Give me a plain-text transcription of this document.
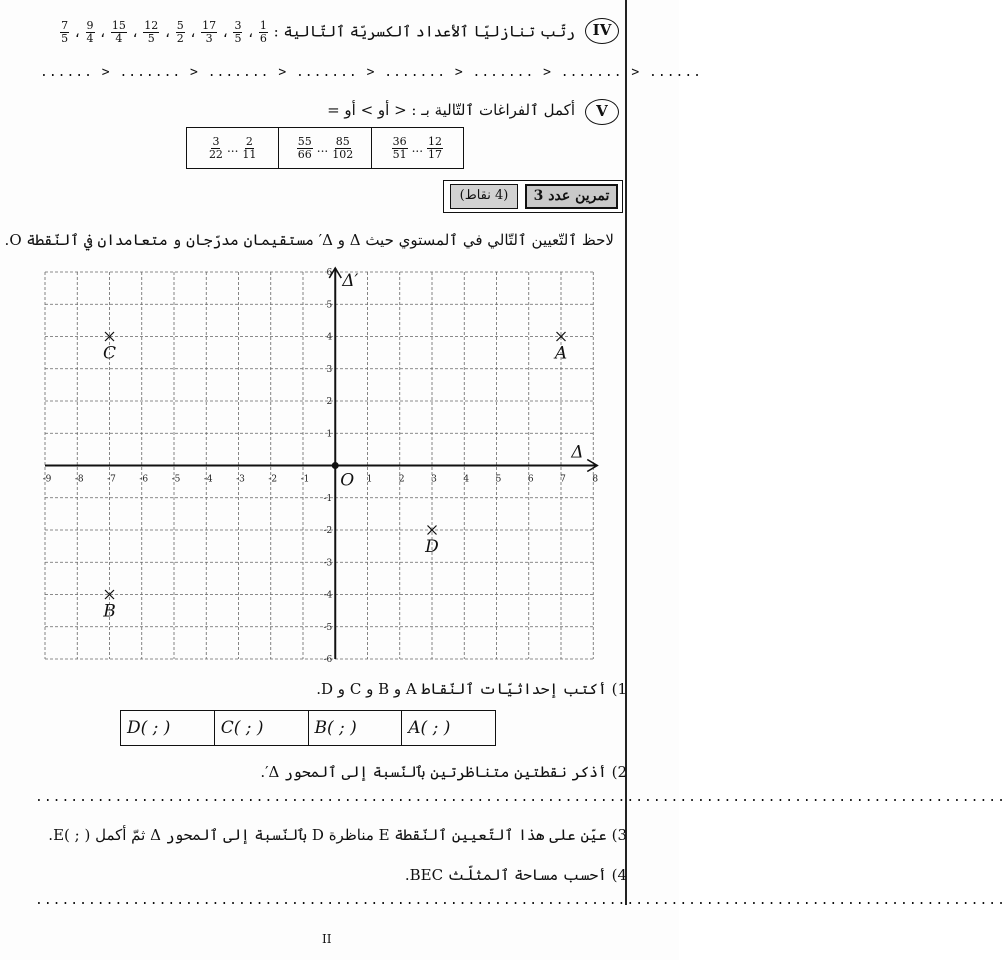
IV
رتّب تنازليّا ٱلأعداد ٱلكسريّة ٱلتّالية :
$\frac{1}{6}$
،
$\frac{3}{5}$
،
$\frac{17}{3}$
،
$\frac{5}{2}$
،
$\frac{12}{5}$
،
$\frac{15}{4}$
،
$\frac{9}{4}$
،
$\frac{7}{5}$
...... > ....... > ....... > ....... > ....... > ....... > ....... > ......
V
أكمل ٱلفراغات ٱلتّالية بـ : < أو > أو =
$\frac{3}{22}$ ... $\frac{2}{11}$	$\frac{55}{66}$ ... $\frac{85}{102}$	$\frac{36}{51}$ ... $\frac{12}{17}$
تمرين عدد 3
(4 نقاط)
لاحظ ٱلتّعيين ٱلتّالي في ٱلمستوي حيث Δ و Δ′ مستقيمان مدرّجان و متعامدان في ٱلنّقطة O.
O
Δ
Δ′
-9	-8	-7	-6	-5	-4	-3	-2	-1	1	2	3	4	5	6	7	8
-6
-5
-4
-3
-2
-1
1
2
3
4
5
6
A
B
C
D
1) أكتب إحداثيّات ٱلنّقاط A و B و C و D.
A( ; )
B( ; )
C( ; )
D( ; )
2) أذكر نقطتين متناظرتين بٱلنّسبة إلى ٱلمحور Δ′.
..............................................................................................................
3) عيّن على هذا ٱلتّعيين ٱلنّقطة E مناظرة D بٱلنّسبة إلى ٱلمحور Δ ثمّ أكمل ( ; )E.
4) أحسب مساحة ٱلمثلّث BEC.
..............................................................................................................
II
